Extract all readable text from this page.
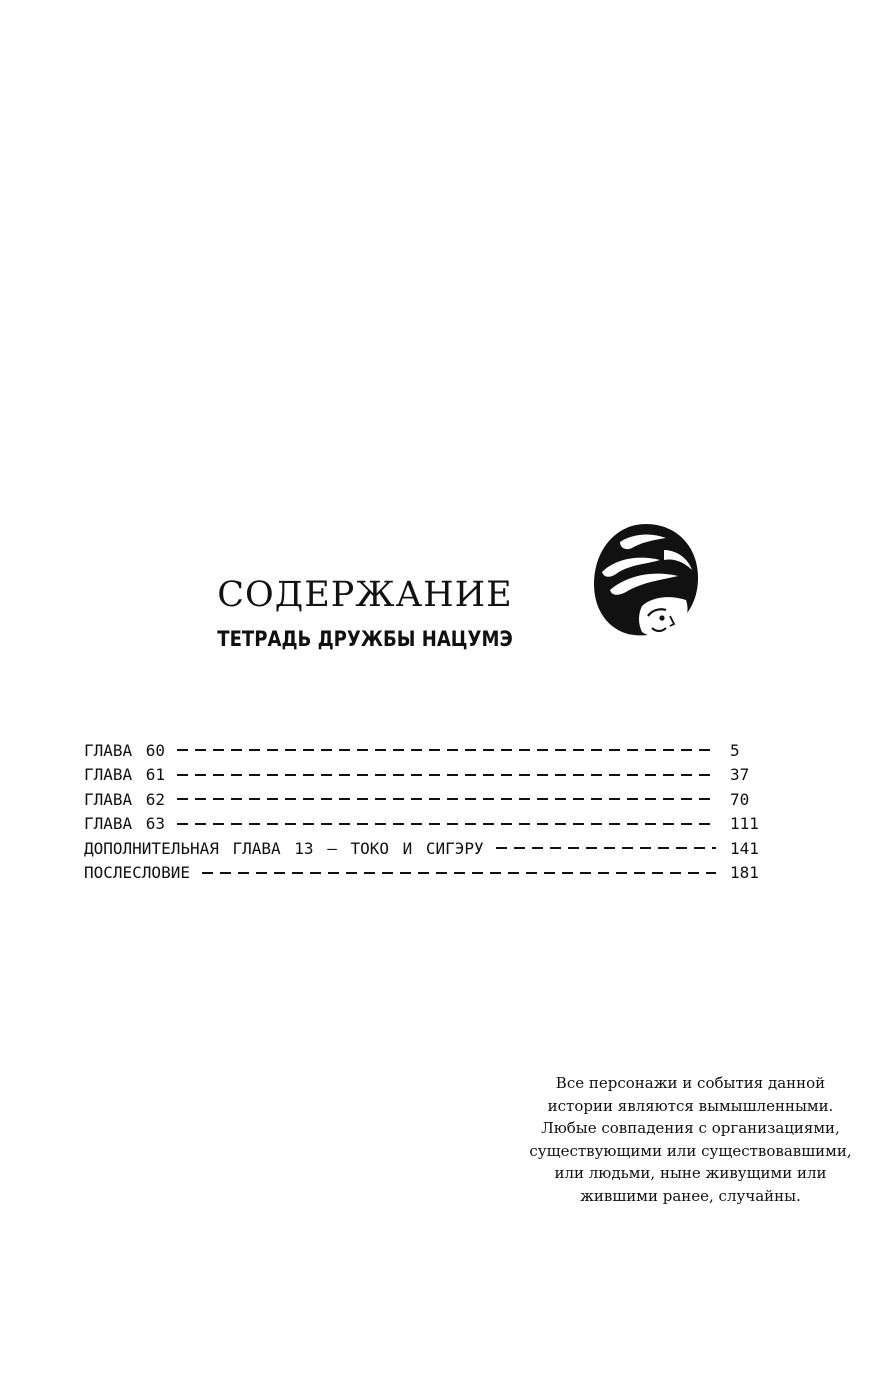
СОДЕРЖАНИЕ
ТЕТРАДЬ ДРУЖБЫ НАЦУМЭ
ГЛАВА 60	5
ГЛАВА 61	37
ГЛАВА 62	70
ГЛАВА 63	111
ДОПОЛНИТЕЛЬНАЯ ГЛАВА 13 — ТОКО И СИГЭРУ	141
ПОСЛЕСЛОВИЕ	181
Все персонажи и события данной
истории являются вымышленными.
Любые совпадения с организациями,
существующими или существовавшими,
или людьми, ныне живущими или
жившими ранее, случайны.
